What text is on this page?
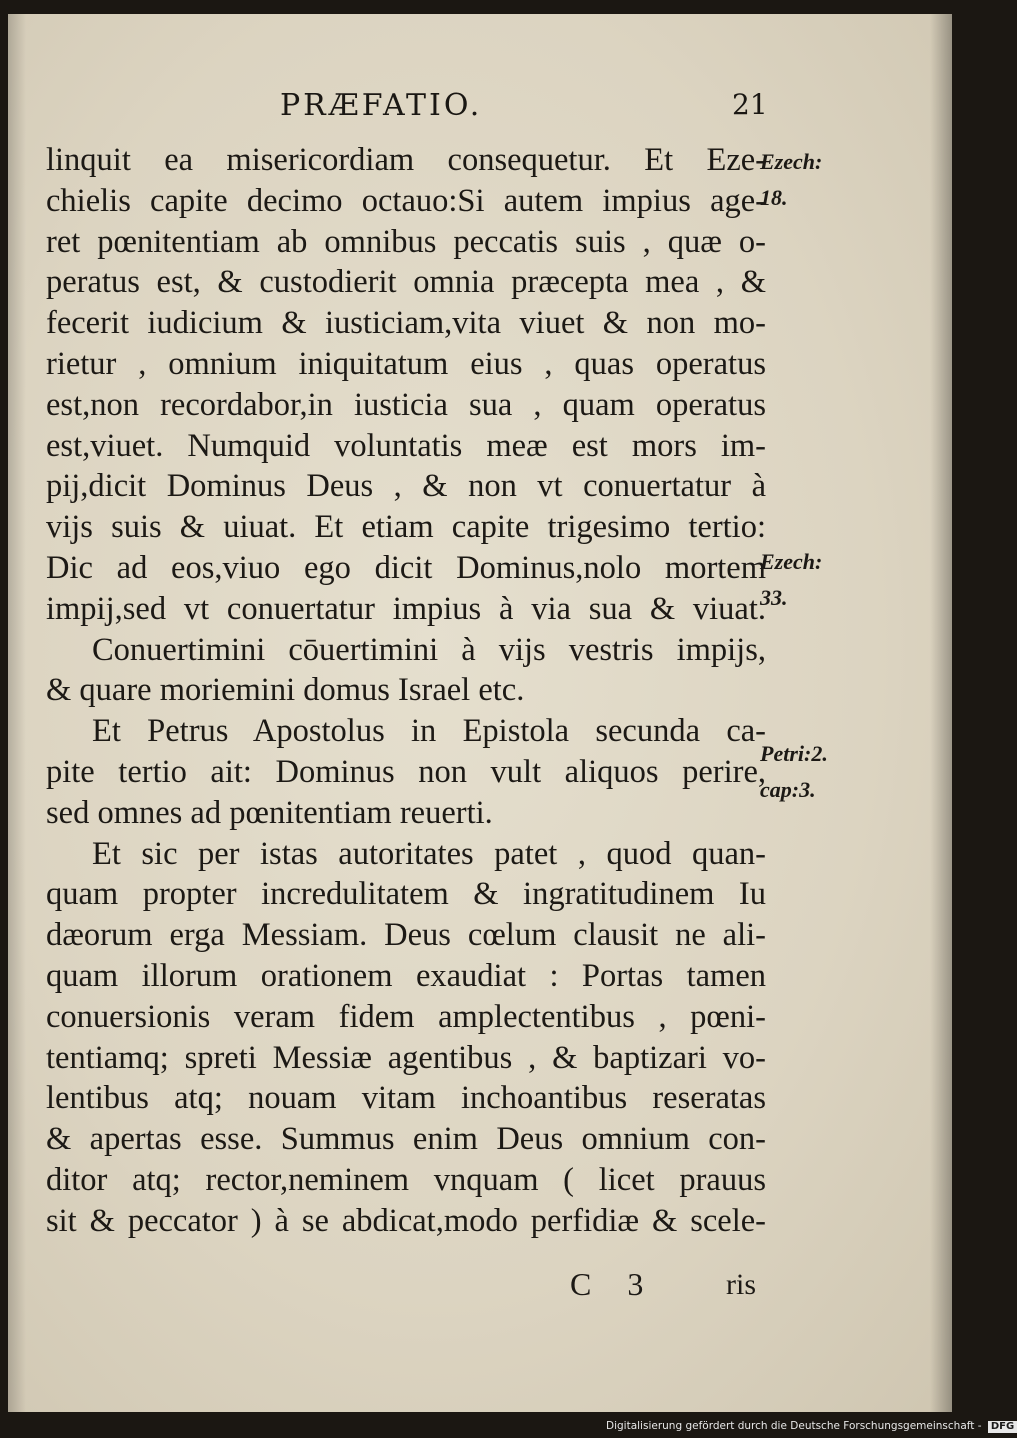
PRÆFATIO.	21
linquit ea misericordiam consequetur. Et Eze-
chielis capite decimo octauo:Si autem impius age-
ret pœnitentiam ab omnibus peccatis suis , quæ o-
peratus est, & custodierit omnia præcepta mea , &
fecerit iudicium & iusticiam,vita viuet & non mo-
rietur , omnium iniquitatum eius , quas operatus
est,non recordabor,in iusticia sua , quam operatus
est,viuet. Numquid voluntatis meæ est mors im-
pij,dicit Dominus Deus , & non vt conuertatur à
vijs suis & uiuat. Et etiam capite trigesimo tertio:
Dic ad eos,viuo ego dicit Dominus,nolo mortem
impij,sed vt conuertatur impius à via sua & viuat.
Conuertimini cōuertimini à vijs vestris impijs,
& quare moriemini domus Israel etc.
Et Petrus Apostolus in Epistola secunda ca-
pite tertio ait: Dominus non vult aliquos perire,
sed omnes ad pœnitentiam reuerti.
Et sic per istas autoritates patet , quod quan-
quam propter incredulitatem & ingratitudinem Iu
dæorum erga Messiam. Deus cœlum clausit ne ali-
quam illorum orationem exaudiat : Portas tamen
conuersionis veram fidem amplectentibus , pœni-
tentiamq; spreti Messiæ agentibus , & baptizari vo-
lentibus atq; nouam vitam inchoantibus reseratas
& apertas esse. Summus enim Deus omnium con-
ditor atq; rector,neminem vnquam ( licet prauus
sit & peccator ) à se abdicat,modo perfidiæ & scele-
Ezech:
18.
Ezech:
33.
Petri:2.
cap:3.
C 3 ris
Digitalisierung gefördert durch die Deutsche Forschungsgemeinschaft - DFG
